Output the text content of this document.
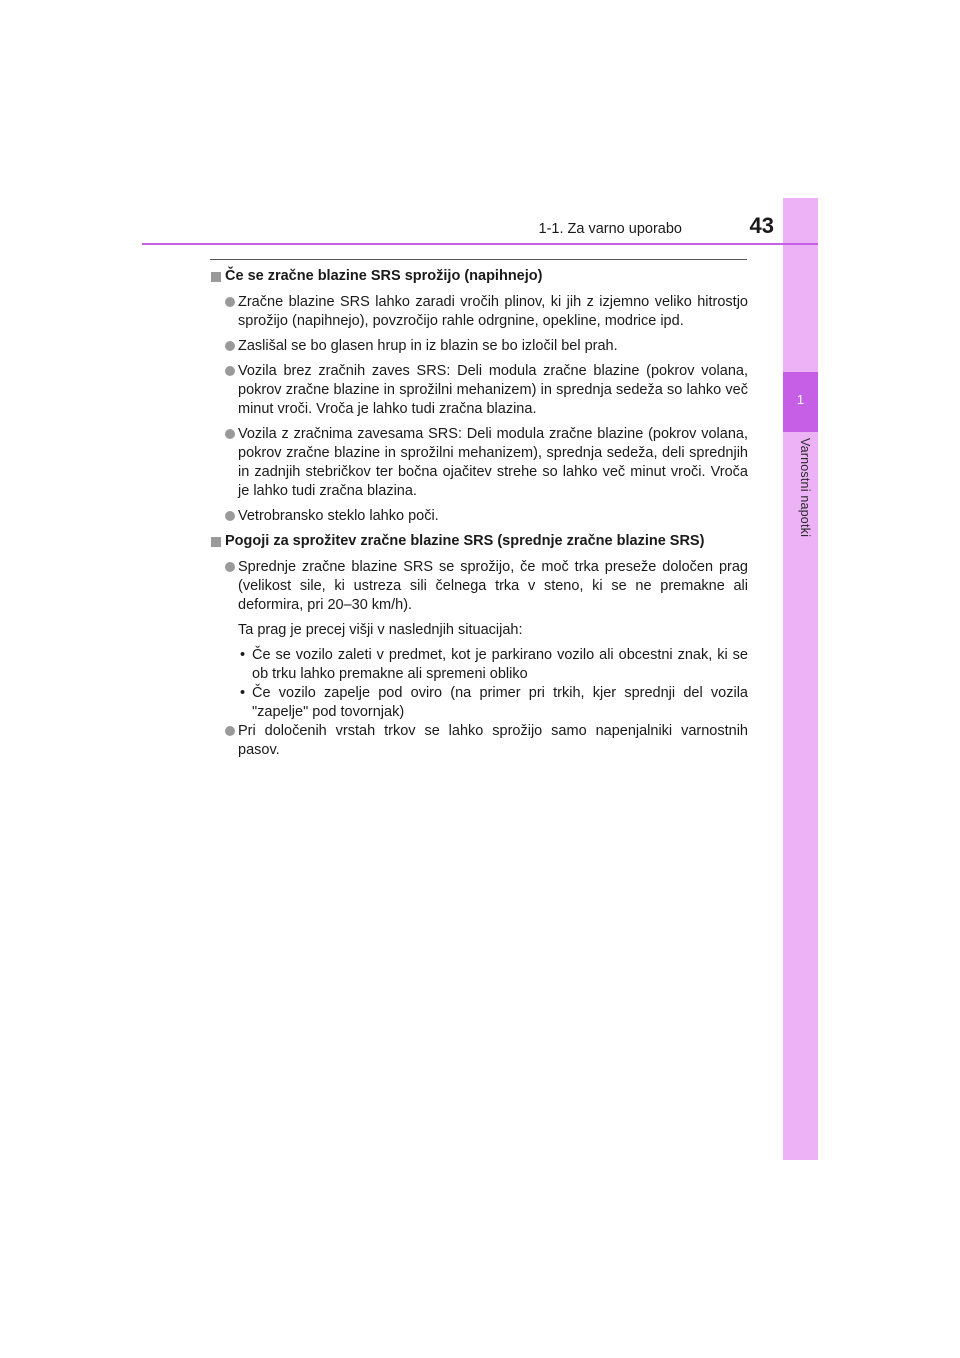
1
Varnostni napotki
1-1. Za varno uporabo	43
Če se zračne blazine SRS sprožijo (napihnejo)
Zračne blazine SRS lahko zaradi vročih plinov, ki jih z izjemno veliko hitrostjo sprožijo (napihnejo), povzročijo rahle odrgnine, opekline, modrice ipd.
Zaslišal se bo glasen hrup in iz blazin se bo izločil bel prah.
Vozila brez zračnih zaves SRS: Deli modula zračne blazine (pokrov volana, pokrov zračne blazine in sprožilni mehanizem) in sprednja sedeža so lahko več minut vroči. Vroča je lahko tudi zračna blazina.
Vozila z zračnima zavesama SRS: Deli modula zračne blazine (pokrov volana, pokrov zračne blazine in sprožilni mehanizem), sprednja sedeža, deli sprednjih in zadnjih stebričkov ter bočna ojačitev strehe so lahko več minut vroči. Vroča je lahko tudi zračna blazina.
Vetrobransko steklo lahko poči.
Pogoji za sprožitev zračne blazine SRS (sprednje zračne blazine SRS)
Sprednje zračne blazine SRS se sprožijo, če moč trka preseže določen prag (velikost sile, ki ustreza sili čelnega trka v steno, ki se ne premakne ali deformira, pri 20–30 km/h).
Ta prag je precej višji v naslednjih situacijah:
• Če se vozilo zaleti v predmet, kot je parkirano vozilo ali obcestni znak, ki se ob trku lahko premakne ali spremeni obliko
• Če vozilo zapelje pod oviro (na primer pri trkih, kjer sprednji del vozila "zapelje" pod tovornjak)
Pri določenih vrstah trkov se lahko sprožijo samo napenjalniki varnostnih pasov.
